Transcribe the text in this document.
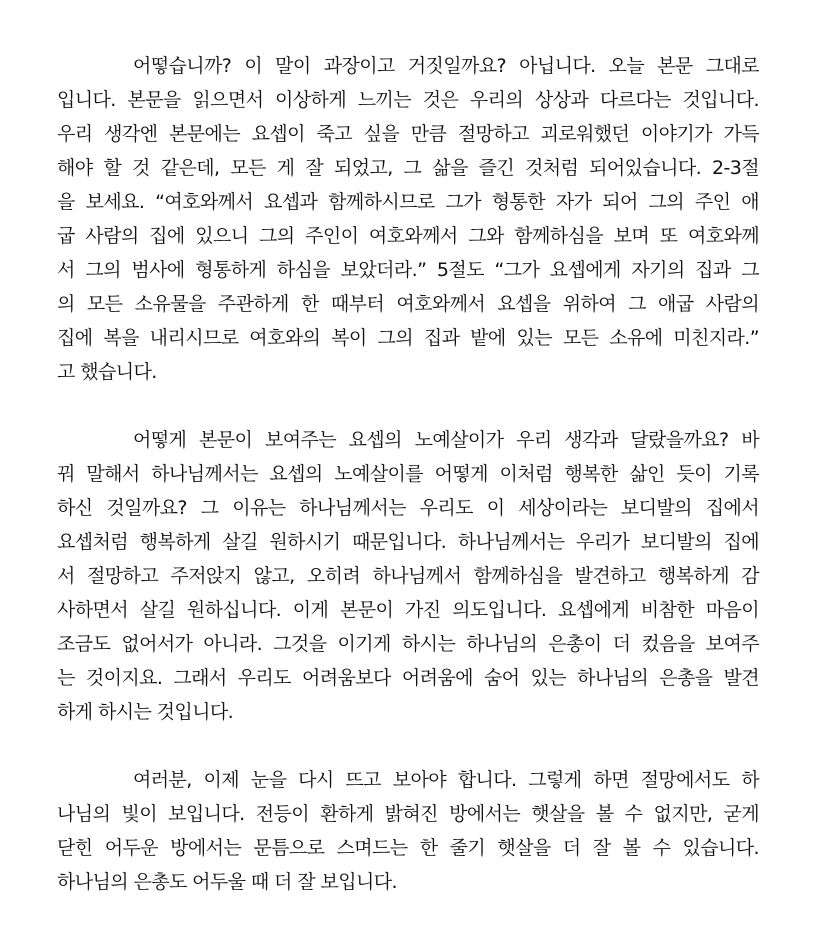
어떻습니까? 이 말이 과장이고 거짓일까요? 아닙니다. 오늘 본문 그대로
입니다. 본문을 읽으면서 이상하게 느끼는 것은 우리의 상상과 다르다는 것입니다.
우리 생각엔 본문에는 요셉이 죽고 싶을 만큼 절망하고 괴로워했던 이야기가 가득
해야 할 것 같은데, 모든 게 잘 되었고, 그 삶을 즐긴 것처럼 되어있습니다. 2-3절
을 보세요. “여호와께서 요셉과 함께하시므로 그가 형통한 자가 되어 그의 주인 애
굽 사람의 집에 있으니 그의 주인이 여호와께서 그와 함께하심을 보며 또 여호와께
서 그의 범사에 형통하게 하심을 보았더라.” 5절도 “그가 요셉에게 자기의 집과 그
의 모든 소유물을 주관하게 한 때부터 여호와께서 요셉을 위하여 그 애굽 사람의
집에 복을 내리시므로 여호와의 복이 그의 집과 밭에 있는 모든 소유에 미친지라.”
고 했습니다.
어떻게 본문이 보여주는 요셉의 노예살이가 우리 생각과 달랐을까요? 바
꿔 말해서 하나님께서는 요셉의 노예살이를 어떻게 이처럼 행복한 삶인 듯이 기록
하신 것일까요? 그 이유는 하나님께서는 우리도 이 세상이라는 보디발의 집에서
요셉처럼 행복하게 살길 원하시기 때문입니다. 하나님께서는 우리가 보디발의 집에
서 절망하고 주저앉지 않고, 오히려 하나님께서 함께하심을 발견하고 행복하게 감
사하면서 살길 원하십니다. 이게 본문이 가진 의도입니다. 요셉에게 비참한 마음이
조금도 없어서가 아니라. 그것을 이기게 하시는 하나님의 은총이 더 컸음을 보여주
는 것이지요. 그래서 우리도 어려움보다 어려움에 숨어 있는 하나님의 은총을 발견
하게 하시는 것입니다.
여러분, 이제 눈을 다시 뜨고 보아야 합니다. 그렇게 하면 절망에서도 하
나님의 빛이 보입니다. 전등이 환하게 밝혀진 방에서는 햇살을 볼 수 없지만, 굳게
닫힌 어두운 방에서는 문틈으로 스며드는 한 줄기 햇살을 더 잘 볼 수 있습니다.
하나님의 은총도 어두울 때 더 잘 보입니다.
